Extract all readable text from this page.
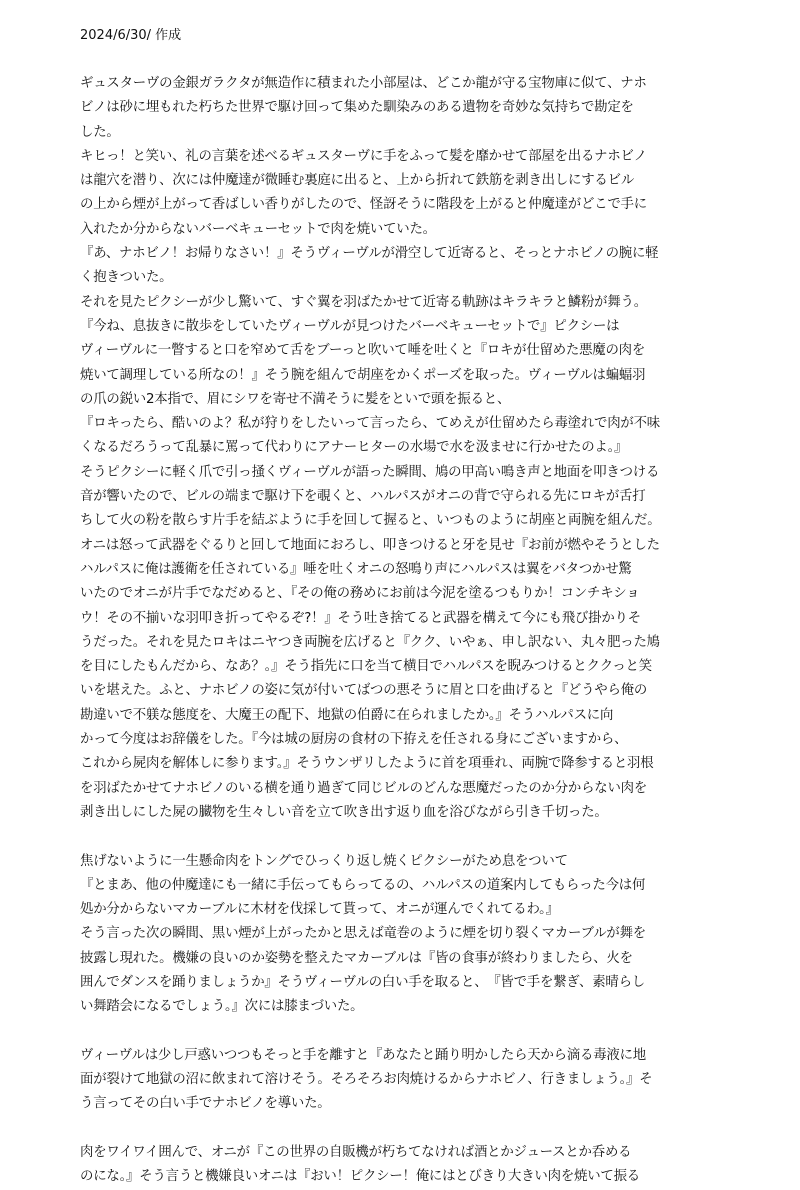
2024/6/30/ 作成
ギュスターヴの金銀ガラクタが無造作に積まれた小部屋は、どこか龍が守る宝物庫に似て、ナホ
ビノは砂に埋もれた朽ちた世界で駆け回って集めた馴染みのある遺物を奇妙な気持ちで勘定を
した。
キヒっ！と笑い、礼の言葉を述べるギュスターヴに手をふって髪を靡かせて部屋を出るナホビノ
は龍穴を潜り、次には仲魔達が微睡む裏庭に出ると、上から折れて鉄筋を剥き出しにするビル
の上から煙が上がって香ばしい香りがしたので、怪訝そうに階段を上がると仲魔達がどこで手に
入れたか分からないバーベキューセットで肉を焼いていた。
『あ、ナホビノ！お帰りなさい！』そうヴィーヴルが滑空して近寄ると、そっとナホビノの腕に軽
く抱きついた。
それを見たピクシーが少し驚いて、すぐ翼を羽ばたかせて近寄る軌跡はキラキラと鱗粉が舞う。
『今ね、息抜きに散歩をしていたヴィーヴルが見つけたバーベキューセットで』ピクシーは
ヴィーヴルに一瞥すると口を窄めて舌をブーっと吹いて唾を吐くと『ロキが仕留めた悪魔の肉を
焼いて調理している所なの！』そう腕を組んで胡座をかくポーズを取った。ヴィーヴルは蝙蝠羽
の爪の鋭い2本指で、眉にシワを寄せ不満そうに髪をといで頭を振ると、
『ロキったら、酷いのよ？私が狩りをしたいって言ったら、てめえが仕留めたら毒塗れで肉が不味
くなるだろうって乱暴に罵って代わりにアナーヒターの水場で水を汲ませに行かせたのよ。』
そうピクシーに軽く爪で引っ掻くヴィーヴルが語った瞬間、鳩の甲高い鳴き声と地面を叩きつける
音が響いたので、ビルの端まで駆け下を覗くと、ハルパスがオニの背で守られる先にロキが舌打
ちして火の粉を散らす片手を結ぶように手を回して握ると、いつものように胡座と両腕を組んだ。
オニは怒って武器をぐるりと回して地面におろし、叩きつけると牙を見せ『お前が燃やそうとした
ハルパスに俺は護衛を任されている』唾を吐くオニの怒鳴り声にハルパスは翼をバタつかせ驚
いたのでオニが片手でなだめると、『その俺の務めにお前は今泥を塗るつもりか！コンチキショ
ウ！その不揃いな羽叩き折ってやるぞ?！』そう吐き捨てると武器を構えて今にも飛び掛かりそ
うだった。それを見たロキはニヤつき両腕を広げると『クク、いやぁ、申し訳ない、丸々肥った鳩
を目にしたもんだから、なあ？。』そう指先に口を当て横目でハルパスを睨みつけるとククっと笑
いを堪えた。ふと、ナホビノの姿に気が付いてばつの悪そうに眉と口を曲げると『どうやら俺の
勘違いで不躾な態度を、大魔王の配下、地獄の伯爵に在られましたか。』そうハルパスに向
かって今度はお辞儀をした。『今は城の厨房の食材の下拵えを任される身にございますから、
これから屍肉を解体しに参ります。』そうウンザリしたように首を項垂れ、両腕で降参すると羽根
を羽ばたかせてナホビノのいる横を通り過ぎて同じビルのどんな悪魔だったのか分からない肉を
剥き出しにした屍の臓物を生々しい音を立て吹き出す返り血を浴びながら引き千切った。
焦げないように一生懸命肉をトングでひっくり返し焼くピクシーがため息をついて
『とまあ、他の仲魔達にも一緒に手伝ってもらってるの、ハルパスの道案内してもらった今は何
処か分からないマカーブルに木材を伐採して貰って、オニが運んでくれてるわ。』
そう言った次の瞬間、黒い煙が上がったかと思えば竜巻のように煙を切り裂くマカーブルが舞を
披露し現れた。機嫌の良いのか姿勢を整えたマカーブルは『皆の食事が終わりましたら、火を
囲んでダンスを踊りましょうか』そうヴィーヴルの白い手を取ると、　『皆で手を繋ぎ、素晴らし
い舞踏会になるでしょう。』次には膝まづいた。
ヴィーヴルは少し戸惑いつつもそっと手を離すと『あなたと踊り明かしたら天から滴る毒液に地
面が裂けて地獄の沼に飲まれて溶けそう。そろそろお肉焼けるからナホビノ、行きましょう。』そ
う言ってその白い手でナホビノを導いた。
肉をワイワイ囲んで、オニが『この世界の自販機が朽ちてなければ酒とかジュースとか呑める
のにな。』そう言うと機嫌良いオニは『おい！ピクシー！俺にはとびきり大きい肉を焼いて振る
